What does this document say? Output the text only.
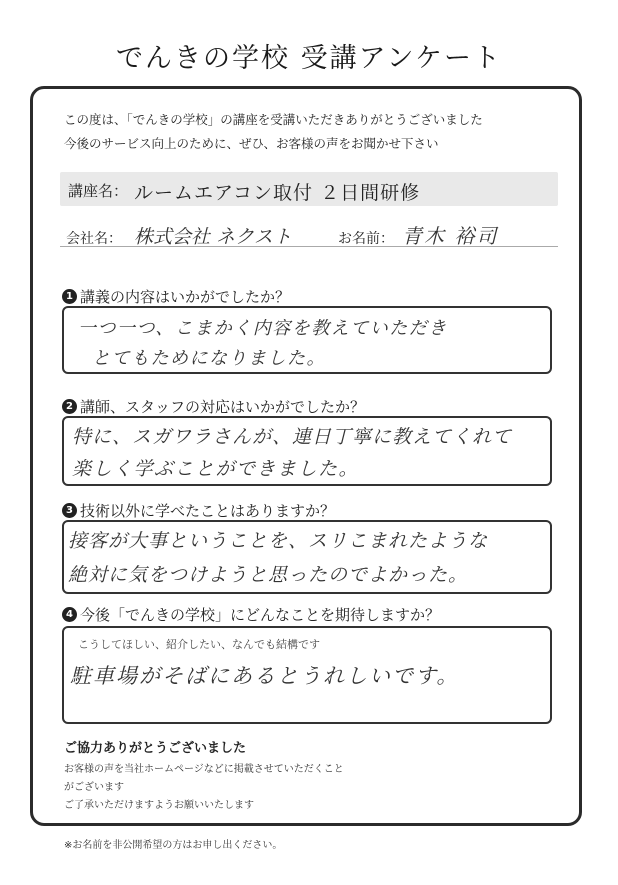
でんきの学校 受講アンケート
この度は、「でんきの学校」の講座を受講いただきありがとうございました
今後のサービス向上のために、ぜひ、お客様の声をお聞かせ下さい
講座名： ルームエアコン取付 ２日間研修
会社名： 株式会社 ネクスト	お名前： 青木 裕司
1 講義の内容はいかがでしたか？
一つ一つ、こまかく内容を教えていただき
とてもためになりました。
2 講師、スタッフの対応はいかがでしたか？
特に、スガワラさんが、連日丁寧に教えてくれて
楽しく学ぶことができました。
3 技術以外に学べたことはありますか？
接客が大事ということを、スリこまれたような
絶対に気をつけようと思ったのでよかった。
4 今後「でんきの学校」にどんなことを期待しますか？
こうしてほしい、紹介したい、なんでも結構です
駐車場がそばにあるとうれしいです。
ご協力ありがとうございました
お客様の声を当社ホームページなどに掲載させていただくこと
がございます
ご了承いただけますようお願いいたします
※お名前を非公開希望の方はお申し出ください。
